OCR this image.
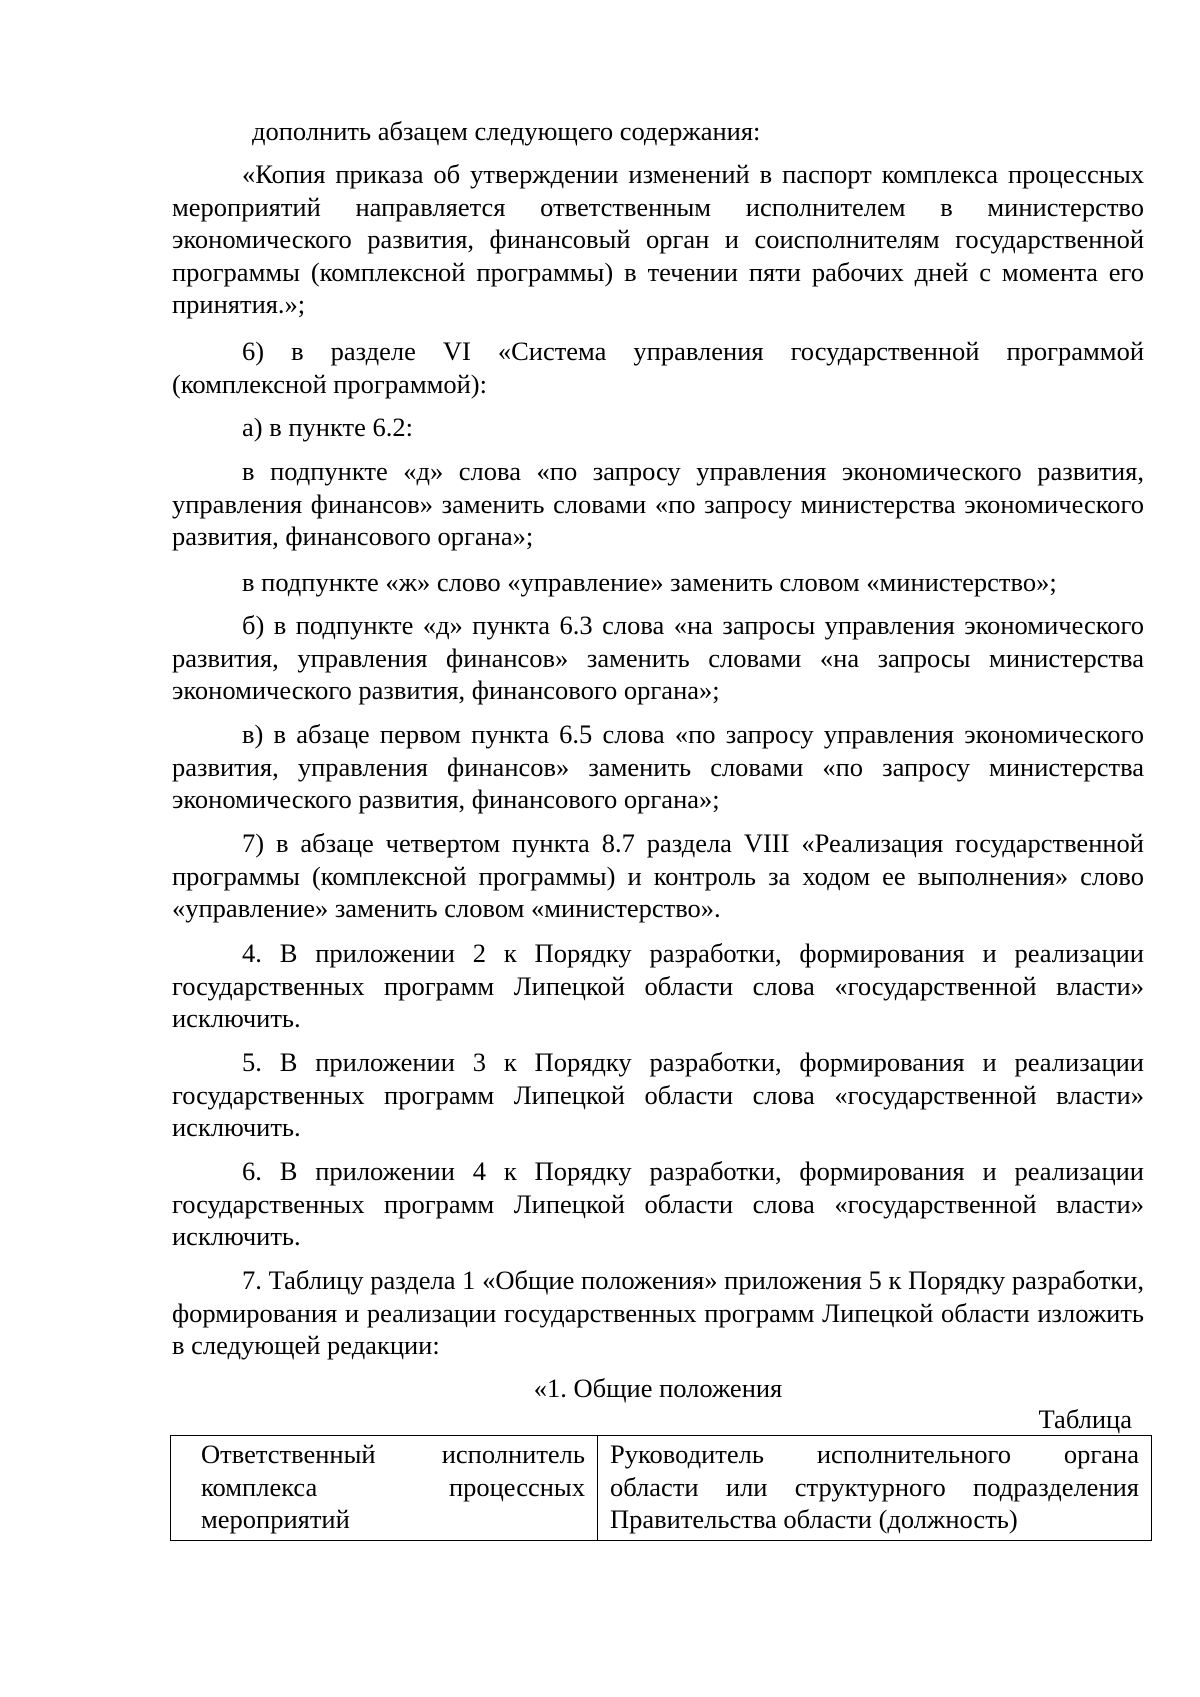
дополнить абзацем следующего содержания:

«Копия приказа об утверждении изменений в паспорт комплекса процессных мероприятий направляется ответственным исполнителем в министерство экономического развития, финансовый орган и соисполнителям государственной программы (комплексной программы) в течении пяти рабочих дней с момента его принятия.»;

6) в разделе VI «Система управления государственной программой (комплексной программой):

а) в пункте 6.2:

в подпункте «д» слова «по запросу управления экономического развития, управления финансов» заменить словами «по запросу министерства экономического развития, финансового органа»;

в подпункте «ж» слово «управление» заменить словом «министерство»;

б) в подпункте «д» пункта 6.3 слова «на запросы управления экономического развития, управления финансов» заменить словами «на запросы министерства экономического развития, финансового органа»;

в) в абзаце первом пункта 6.5 слова «по запросу управления экономического развития, управления финансов» заменить словами «по запросу министерства экономического развития, финансового органа»;

7) в абзаце четвертом пункта 8.7 раздела VIII «Реализация государственной программы (комплексной программы) и контроль за ходом ее выполнения» слово «управление» заменить словом «министерство».

4. В приложении 2 к Порядку разработки, формирования и реализации государственных программ Липецкой области слова «государственной власти» исключить.

5. В приложении 3 к Порядку разработки, формирования и реализации государственных программ Липецкой области слова «государственной власти» исключить.

6. В приложении 4 к Порядку разработки, формирования и реализации государственных программ Липецкой области слова «государственной власти» исключить.

7. Таблицу раздела 1 «Общие положения» приложения 5 к Порядку разработки, формирования и реализации государственных программ Липецкой области изложить в следующей редакции:

«1. Общие положения

Таблица

Ответственный исполнитель комплекса процессных мероприятий	Руководитель исполнительного органа области или структурного подразделения Правительства области (должность)
